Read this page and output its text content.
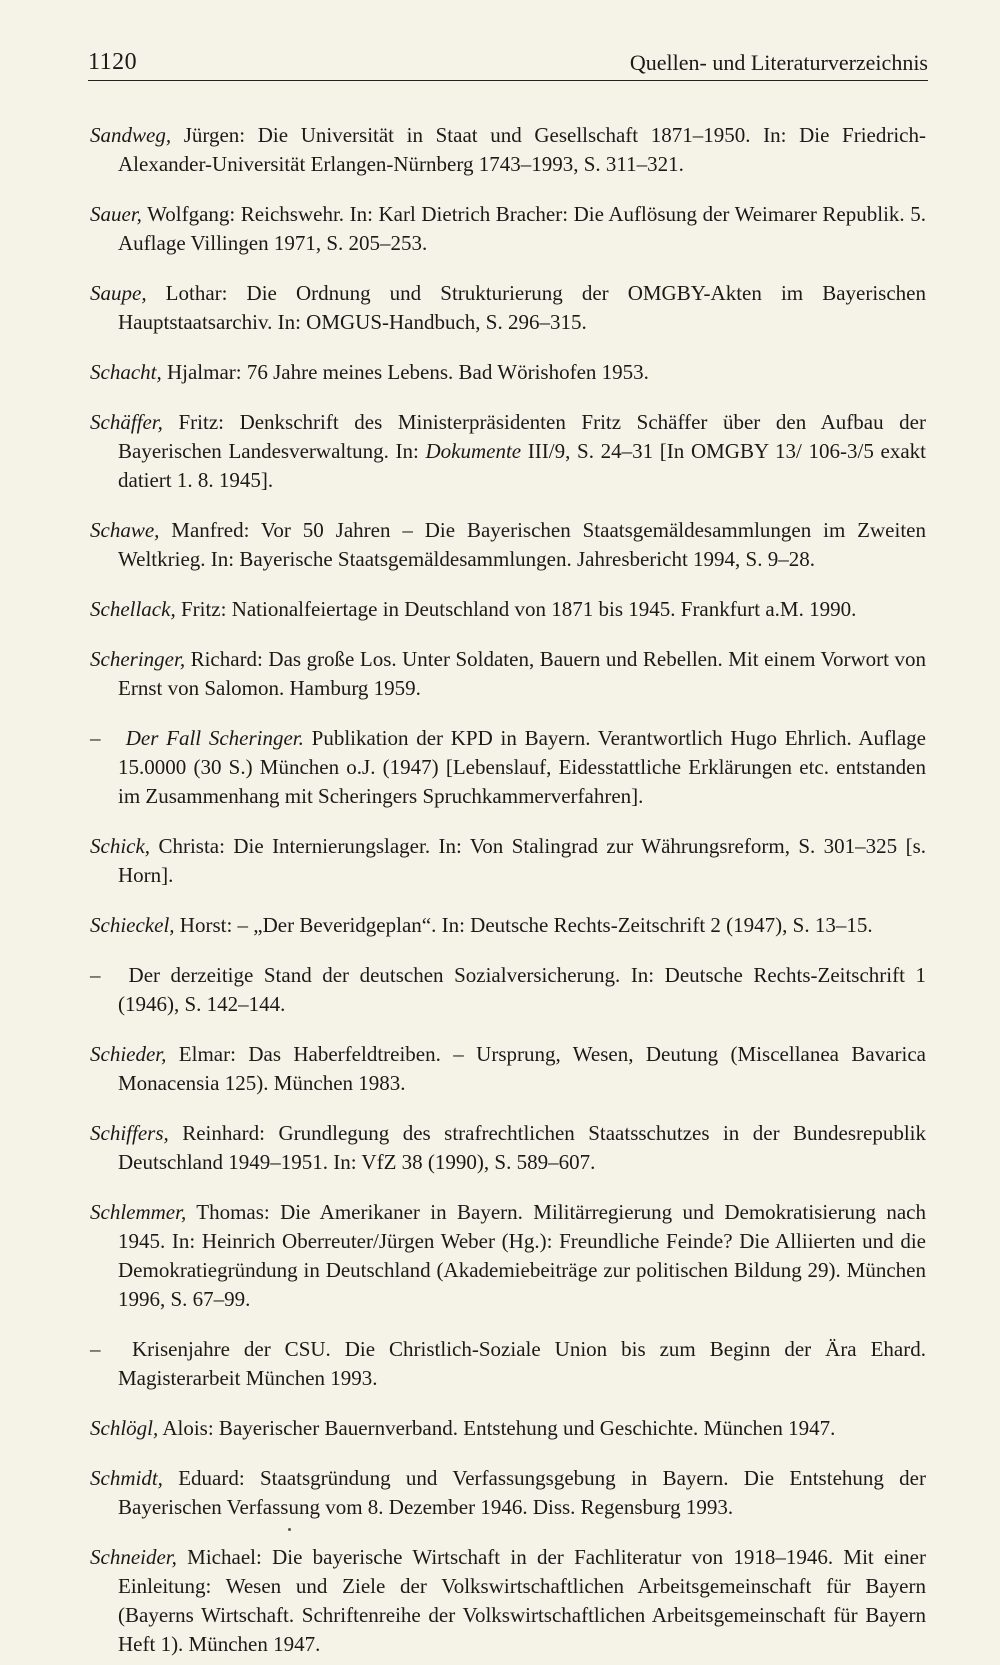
1120	Quellen- und Literaturverzeichnis

Sandweg, Jürgen: Die Universität in Staat und Gesellschaft 1871–1950. In: Die Friedrich-Alexander-Universität Erlangen-Nürnberg 1743–1993, S. 311–321.

Sauer, Wolfgang: Reichswehr. In: Karl Dietrich Bracher: Die Auflösung der Weimarer Republik. 5. Auflage Villingen 1971, S. 205–253.

Saupe, Lothar: Die Ordnung und Strukturierung der OMGBY-Akten im Bayerischen Hauptstaatsarchiv. In: OMGUS-Handbuch, S. 296–315.

Schacht, Hjalmar: 76 Jahre meines Lebens. Bad Wörishofen 1953.

Schäffer, Fritz: Denkschrift des Ministerpräsidenten Fritz Schäffer über den Aufbau der Bayerischen Landesverwaltung. In: Dokumente III/9, S. 24–31 [In OMGBY 13/ 106-3/5 exakt datiert 1. 8. 1945].

Schawe, Manfred: Vor 50 Jahren – Die Bayerischen Staatsgemäldesammlungen im Zweiten Weltkrieg. In: Bayerische Staatsgemäldesammlungen. Jahresbericht 1994, S. 9–28.

Schellack, Fritz: Nationalfeiertage in Deutschland von 1871 bis 1945. Frankfurt a.M. 1990.

Scheringer, Richard: Das große Los. Unter Soldaten, Bauern und Rebellen. Mit einem Vorwort von Ernst von Salomon. Hamburg 1959.

– Der Fall Scheringer. Publikation der KPD in Bayern. Verantwortlich Hugo Ehrlich. Auflage 15.0000 (30 S.) München o.J. (1947) [Lebenslauf, Eidesstattliche Erklärungen etc. entstanden im Zusammenhang mit Scheringers Spruchkammerverfahren].

Schick, Christa: Die Internierungslager. In: Von Stalingrad zur Währungsreform, S. 301–325 [s. Horn].

Schieckel, Horst: – „Der Beveridgeplan“. In: Deutsche Rechts-Zeitschrift 2 (1947), S. 13–15.

– Der derzeitige Stand der deutschen Sozialversicherung. In: Deutsche Rechts-Zeitschrift 1 (1946), S. 142–144.

Schieder, Elmar: Das Haberfeldtreiben. – Ursprung, Wesen, Deutung (Miscellanea Bavarica Monacensia 125). München 1983.

Schiffers, Reinhard: Grundlegung des strafrechtlichen Staatsschutzes in der Bundesrepublik Deutschland 1949–1951. In: VfZ 38 (1990), S. 589–607.

Schlemmer, Thomas: Die Amerikaner in Bayern. Militärregierung und Demokratisierung nach 1945. In: Heinrich Oberreuter/Jürgen Weber (Hg.): Freundliche Feinde? Die Alliierten und die Demokratiegründung in Deutschland (Akademiebeiträge zur politischen Bildung 29). München 1996, S. 67–99.

– Krisenjahre der CSU. Die Christlich-Soziale Union bis zum Beginn der Ära Ehard. Magisterarbeit München 1993.

Schlögl, Alois: Bayerischer Bauernverband. Entstehung und Geschichte. München 1947.

Schmidt, Eduard: Staatsgründung und Verfassungsgebung in Bayern. Die Entstehung der Bayerischen Verfassung vom 8. Dezember 1946. Diss. Regensburg 1993.

Schneider, Michael: Die bayerische Wirtschaft in der Fachliteratur von 1918–1946. Mit einer Einleitung: Wesen und Ziele der Volkswirtschaftlichen Arbeitsgemeinschaft für Bayern (Bayerns Wirtschaft. Schriftenreihe der Volkswirtschaftlichen Arbeitsgemeinschaft für Bayern Heft 1). München 1947.
